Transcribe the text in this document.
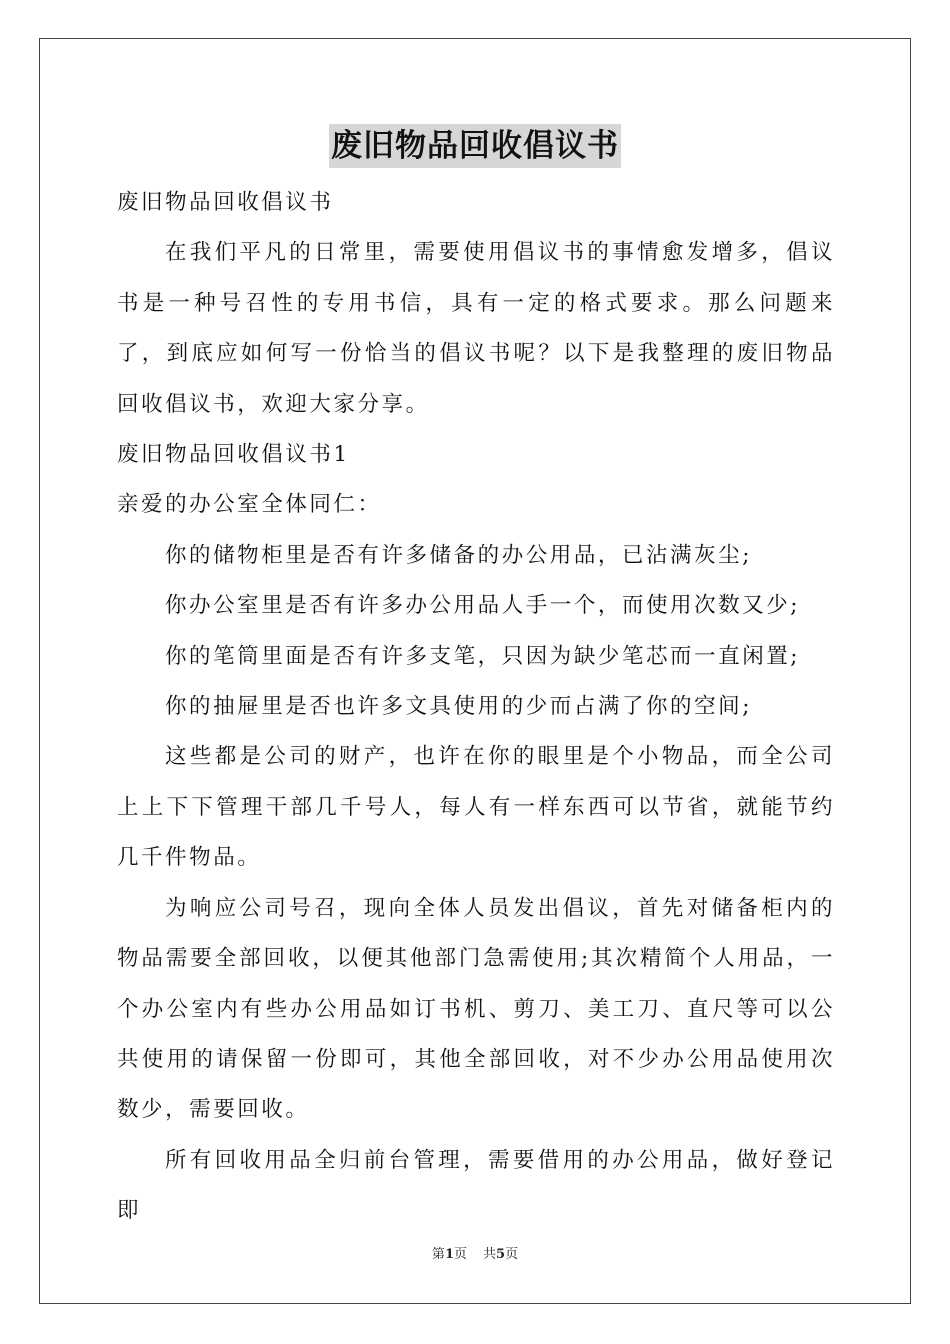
废旧物品回收倡议书

废旧物品回收倡议书

在我们平凡的日常里，需要使用倡议书的事情愈发增多，倡议书是一种号召性的专用书信，具有一定的格式要求。那么问题来了，到底应如何写一份恰当的倡议书呢？以下是我整理的废旧物品回收倡议书，欢迎大家分享。

废旧物品回收倡议书1

亲爱的办公室全体同仁：

你的储物柜里是否有许多储备的办公用品，已沾满灰尘;

你办公室里是否有许多办公用品人手一个，而使用次数又少;

你的笔筒里面是否有许多支笔，只因为缺少笔芯而一直闲置;

你的抽屉里是否也许多文具使用的少而占满了你的空间;

这些都是公司的财产，也许在你的眼里是个小物品，而全公司上上下下管理干部几千号人，每人有一样东西可以节省，就能节约几千件物品。

为响应公司号召，现向全体人员发出倡议，首先对储备柜内的物品需要全部回收，以便其他部门急需使用;其次精简个人用品，一个办公室内有些办公用品如订书机、剪刀、美工刀、直尺等可以公共使用的请保留一份即可，其他全部回收，对不少办公用品使用次数少，需要回收。

所有回收用品全归前台管理，需要借用的办公用品，做好登记即

第1页 共5页
